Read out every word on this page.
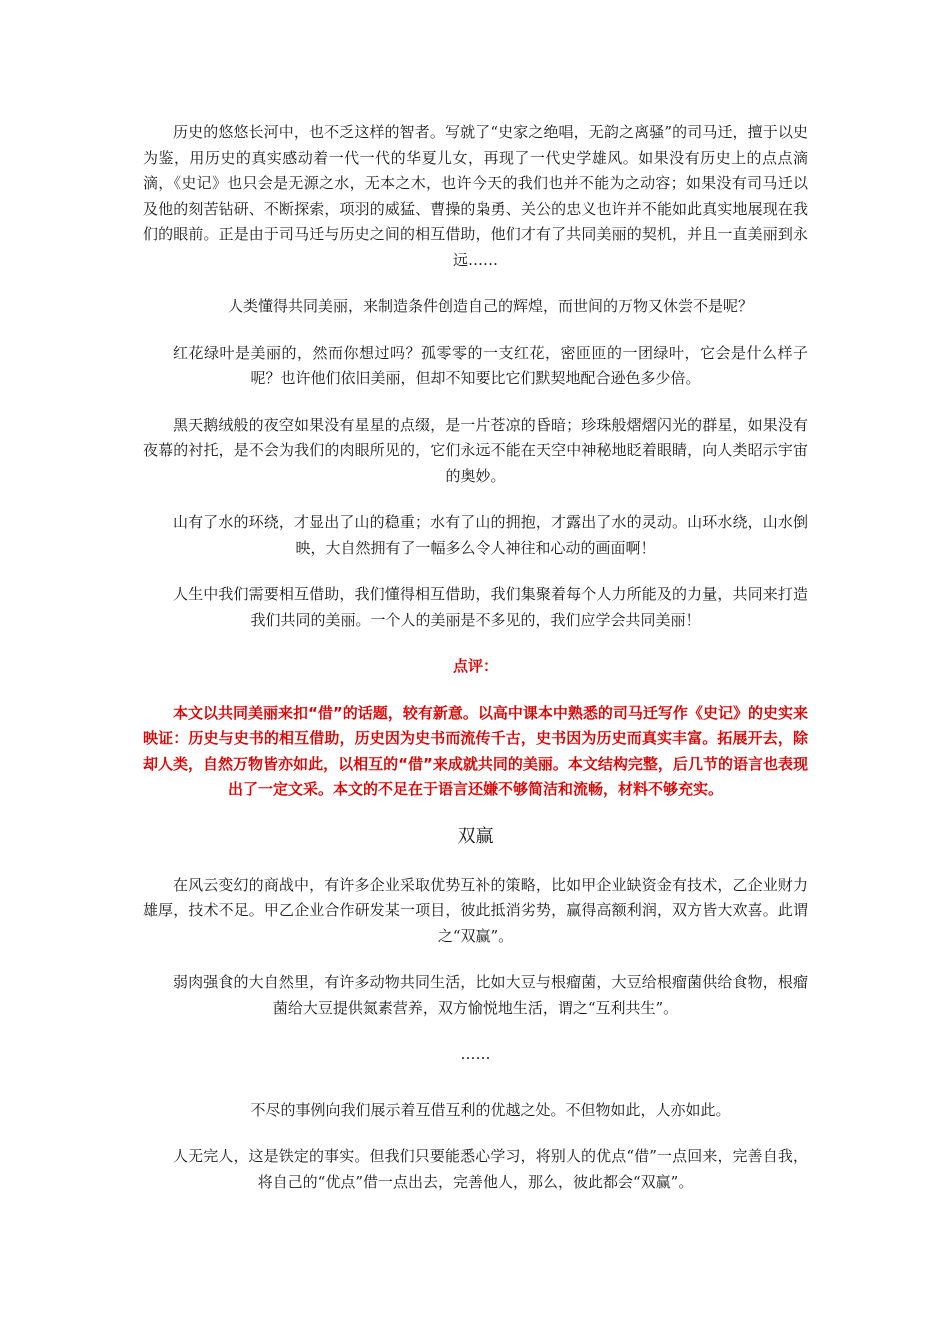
历史的悠悠长河中，也不乏这样的智者。写就了“史家之绝唱，无韵之离骚”的司马迁，擅于以史为鉴，用历史的真实感动着一代一代的华夏儿女，再现了一代史学雄风。如果没有历史上的点点滴滴，《史记》也只会是无源之水，无本之木，也许今天的我们也并不能为之动容；如果没有司马迁以及他的刻苦钻研、不断探索，项羽的威猛、曹操的枭勇、关公的忠义也许并不能如此真实地展现在我们的眼前。正是由于司马迁与历史之间的相互借助，他们才有了共同美丽的契机，并且一直美丽到永远……

人类懂得共同美丽，来制造条件创造自己的辉煌，而世间的万物又休尝不是呢？

红花绿叶是美丽的，然而你想过吗？孤零零的一支红花，密匝匝的一团绿叶，它会是什么样子呢？也许他们依旧美丽，但却不知要比它们默契地配合逊色多少倍。

黑天鹅绒般的夜空如果没有星星的点缀，是一片苍凉的昏暗；珍珠般熠熠闪光的群星，如果没有夜幕的衬托，是不会为我们的肉眼所见的，它们永远不能在天空中神秘地眨着眼睛，向人类昭示宇宙的奥妙。

山有了水的环绕，才显出了山的稳重；水有了山的拥抱，才露出了水的灵动。山环水绕，山水倒映，大自然拥有了一幅多么令人神往和心动的画面啊！

人生中我们需要相互借助，我们懂得相互借助，我们集聚着每个人力所能及的力量，共同来打造我们共同的美丽。一个人的美丽是不多见的，我们应学会共同美丽！

点评：

本文以共同美丽来扣“借”的话题，较有新意。以高中课本中熟悉的司马迁写作《史记》的史实来映证：历史与史书的相互借助，历史因为史书而流传千古，史书因为历史而真实丰富。拓展开去，除却人类，自然万物皆亦如此，以相互的“借”来成就共同的美丽。本文结构完整，后几节的语言也表现出了一定文采。本文的不足在于语言还嫌不够简洁和流畅，材料不够充实。

双赢

在风云变幻的商战中，有许多企业采取优势互补的策略，比如甲企业缺资金有技术，乙企业财力雄厚，技术不足。甲乙企业合作研发某一项目，彼此抵消劣势，赢得高额利润，双方皆大欢喜。此谓之“双赢”。

弱肉强食的大自然里，有许多动物共同生活，比如大豆与根瘤菌，大豆给根瘤菌供给食物，根瘤菌给大豆提供氮素营养，双方愉悦地生活，谓之“互利共生”。

……

不尽的事例向我们展示着互借互利的优越之处。不但物如此，人亦如此。

人无完人，这是铁定的事实。但我们只要能悉心学习，将别人的优点“借”一点回来，完善自我，将自己的“优点”借一点出去，完善他人，那么，彼此都会“双赢”。
